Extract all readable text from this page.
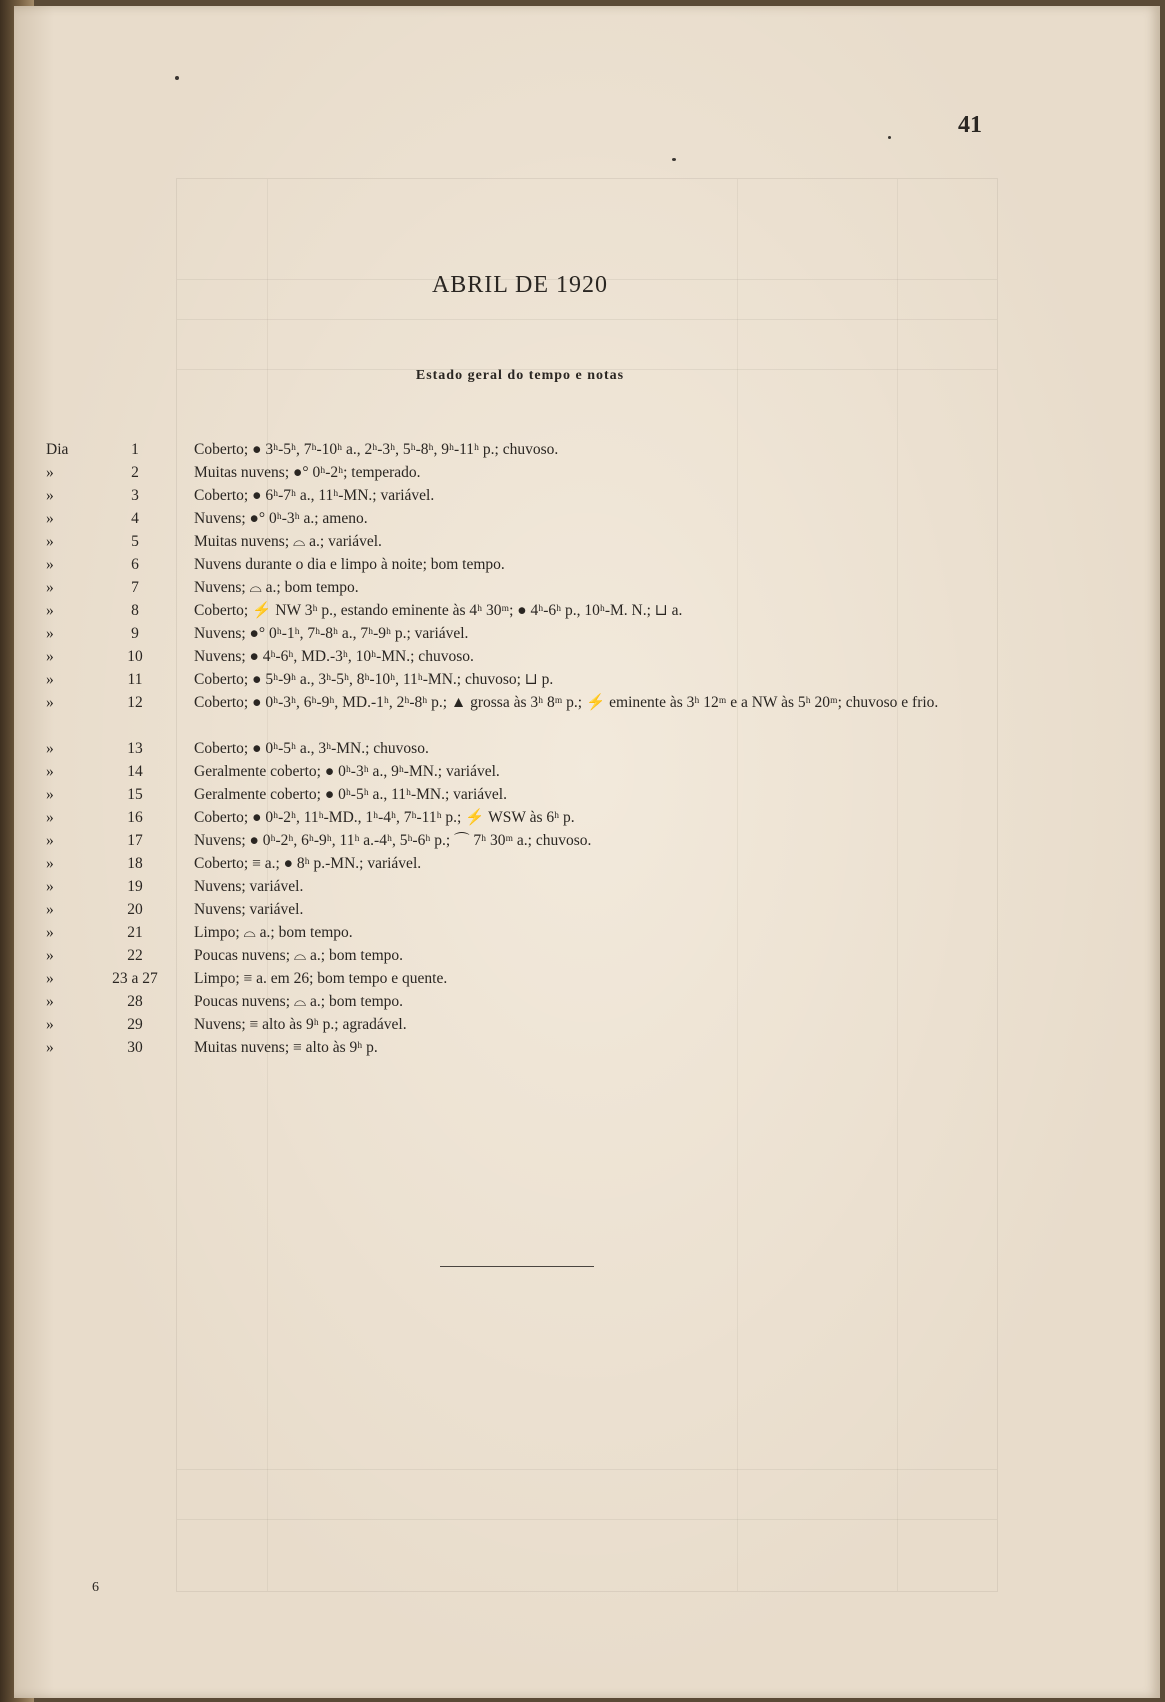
41
ABRIL DE 1920
Estado geral do tempo e notas
Dia	1	Coberto; ● 3ʰ-5ʰ, 7ʰ-10ʰ a., 2ʰ-3ʰ, 5ʰ-8ʰ, 9ʰ-11ʰ p.; chuvoso.
»	2	Muitas nuvens; ●° 0ʰ-2ʰ; temperado.
»	3	Coberto; ● 6ʰ-7ʰ a., 11ʰ-MN.; variável.
»	4	Nuvens; ●° 0ʰ-3ʰ a.; ameno.
»	5	Muitas nuvens; ⌓ a.; variável.
»	6	Nuvens durante o dia e limpo à noite; bom tempo.
»	7	Nuvens; ⌓ a.; bom tempo.
»	8	Coberto; ⚡ NW 3ʰ p., estando eminente às 4ʰ 30ᵐ; ● 4ʰ-6ʰ p., 10ʰ-M. N.; ⊔ a.
»	9	Nuvens; ●° 0ʰ-1ʰ, 7ʰ-8ʰ a., 7ʰ-9ʰ p.; variável.
»	10	Nuvens; ● 4ʰ-6ʰ, MD.-3ʰ, 10ʰ-MN.; chuvoso.
»	11	Coberto; ● 5ʰ-9ʰ a., 3ʰ-5ʰ, 8ʰ-10ʰ, 11ʰ-MN.; chuvoso; ⊔ p.
»	12	Coberto; ● 0ʰ-3ʰ, 6ʰ-9ʰ, MD.-1ʰ, 2ʰ-8ʰ p.; ▲ grossa às 3ʰ 8ᵐ p.; ⚡ eminente às 3ʰ 12ᵐ e a NW às 5ʰ 20ᵐ; chuvoso e frio.
»	13	Coberto; ● 0ʰ-5ʰ a., 3ʰ-MN.; chuvoso.
»	14	Geralmente coberto; ● 0ʰ-3ʰ a., 9ʰ-MN.; variável.
»	15	Geralmente coberto; ● 0ʰ-5ʰ a., 11ʰ-MN.; variável.
»	16	Coberto; ● 0ʰ-2ʰ, 11ʰ-MD., 1ʰ-4ʰ, 7ʰ-11ʰ p.; ⚡ WSW às 6ʰ p.
»	17	Nuvens; ● 0ʰ-2ʰ, 6ʰ-9ʰ, 11ʰ a.-4ʰ, 5ʰ-6ʰ p.; ⌒ 7ʰ 30ᵐ a.; chuvoso.
»	18	Coberto; ≡ a.; ● 8ʰ p.-MN.; variável.
»	19	Nuvens; variável.
»	20	Nuvens; variável.
»	21	Limpo; ⌓ a.; bom tempo.
»	22	Poucas nuvens; ⌓ a.; bom tempo.
»	23 a 27	Limpo; ≡ a. em 26; bom tempo e quente.
»	28	Poucas nuvens; ⌓ a.; bom tempo.
»	29	Nuvens; ≡ alto às 9ʰ p.; agradável.
»	30	Muitas nuvens; ≡ alto às 9ʰ p.
6
